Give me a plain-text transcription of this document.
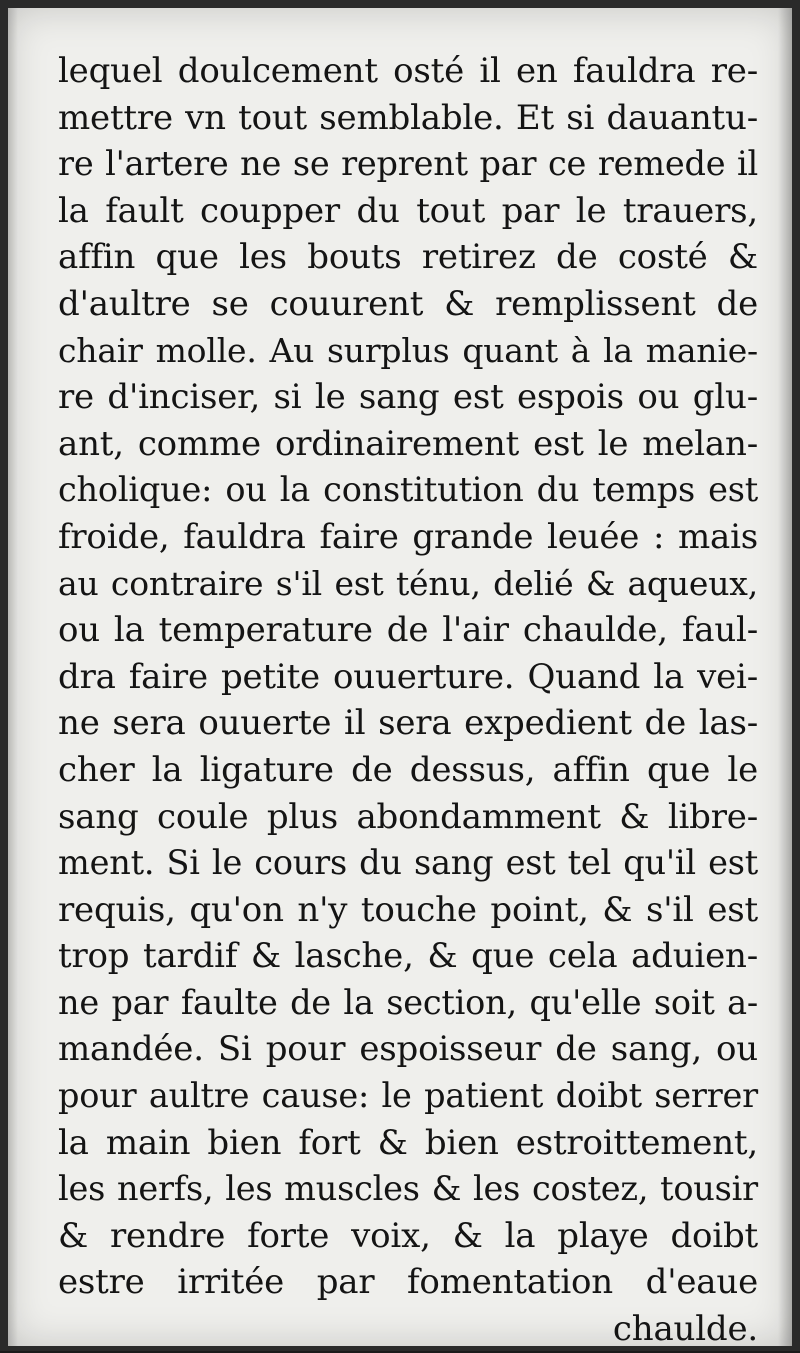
lequel doulcement osté il en fauldra re-
mettre vn tout semblable. Et si dauantu-
re l'artere ne se reprent par ce remede il
la fault coupper du tout par le trauers,
affin que les bouts retirez de costé &
d'aultre se couurent & remplissent de
chair molle. Au surplus quant à la manie-
re d'inciser, si le sang est espois ou glu-
ant, comme ordinairement est le melan-
cholique: ou la constitution du temps est
froide, fauldra faire grande leuée : mais
au contraire s'il est ténu, delié & aqueux,
ou la temperature de l'air chaulde, faul-
dra faire petite ouuerture. Quand la vei-
ne sera ouuerte il sera expedient de las-
cher la ligature de dessus, affin que le
sang coule plus abondamment & libre-
ment. Si le cours du sang est tel qu'il est
requis, qu'on n'y touche point, & s'il est
trop tardif & lasche, & que cela aduien-
ne par faulte de la section, qu'elle soit a-
mandée. Si pour espoisseur de sang, ou
pour aultre cause: le patient doibt serrer
la main bien fort & bien estroittement,
les nerfs, les muscles & les costez, tousir
& rendre forte voix, & la playe doibt
estre irritée par fomentation d'eaue
chaulde.
